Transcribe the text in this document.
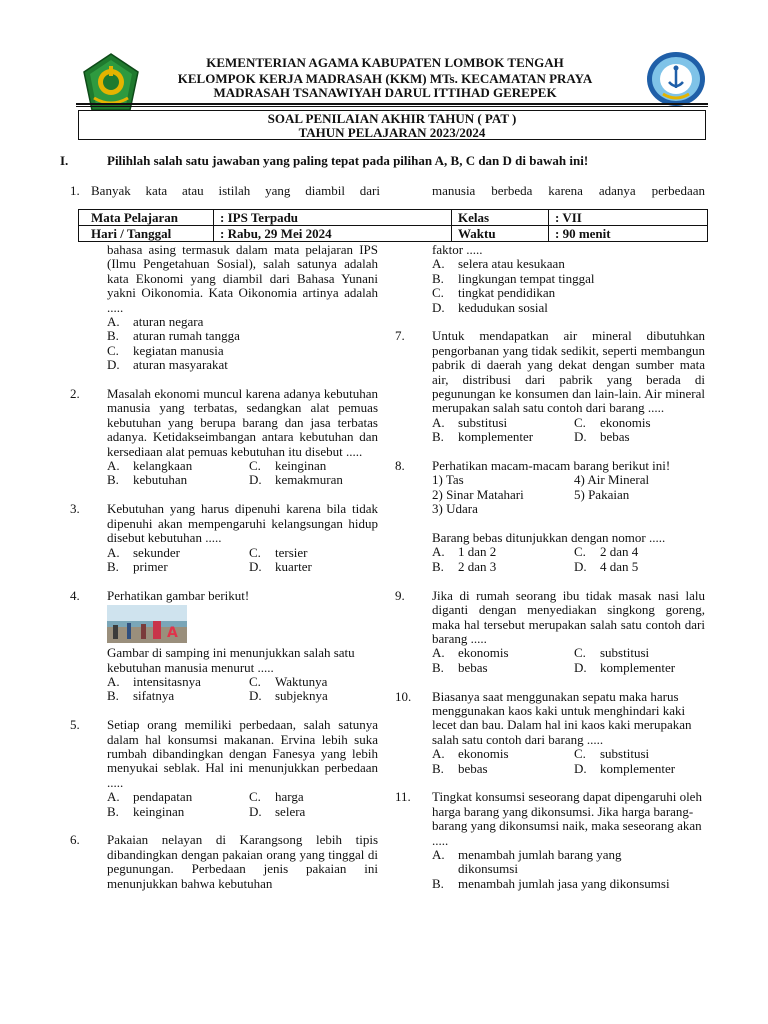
KEMENTERIAN AGAMA KABUPATEN LOMBOK TENGAH
KELOMPOK KERJA MADRASAH (KKM) MTs. KECAMATAN PRAYA
MADRASAH TSANAWIYAH DARUL ITTIHAD GEREPEK
SOAL PENILAIAN AKHIR TAHUN ( PAT )
TAHUN PELAJARAN 2023/2024
I.	Pilihlah salah satu jawaban yang paling tepat pada pilihan A, B, C dan D di bawah ini!
1. Banyak kata atau istilah yang diambil dari	manusia berbeda karena adanya perbedaan
Mata Pelajaran	: IPS Terpadu	Kelas	: VII
Hari / Tanggal	: Rabu, 29 Mei 2024	Waktu	: 90 menit
bahasa asing termasuk dalam mata pelajaran IPS (Ilmu Pengetahuan Sosial), salah satunya adalah kata Ekonomi yang diambil dari Bahasa Yunani yakni Oikonomia. Kata Oikonomia artinya adalah .....
A.	aturan negara
B.	aturan rumah tangga
C.	kegiatan manusia
D.	aturan masyarakat
2. Masalah ekonomi muncul karena adanya kebutuhan manusia yang terbatas, sedangkan alat pemuas kebutuhan yang berupa barang dan jasa terbatas adanya. Ketidakseimbangan antara kebutuhan dan kersediaan alat pemuas kebutuhan itu disebut .....
A.	kelangkaan	C.	keinginan
B.	kebutuhan	D.	kemakmuran
3. Kebutuhan yang harus dipenuhi karena bila tidak dipenuhi akan mempengaruhi kelangsungan hidup disebut kebutuhan .....
A.	sekunder	C.	tersier
B.	primer	D.	kuarter
4. Perhatikan gambar berikut!
A
Gambar di samping ini menunjukkan salah satu kebutuhan manusia menurut .....
A.	intensitasnya	C.	Waktunya
B.	sifatnya	D.	subjeknya
5. Setiap orang memiliki perbedaan, salah satunya dalam hal konsumsi makanan. Ervina lebih suka rumbah dibandingkan dengan Fanesya yang lebih menyukai seblak. Hal ini menunjukkan perbedaan .....
A.	pendapatan	C.	harga
B.	keinginan	D.	selera
6. Pakaian nelayan di Karangsong lebih tipis dibandingkan dengan pakaian orang yang tinggal di pegunungan. Perbedaan jenis pakaian ini menunjukkan bahwa kebutuhan
faktor .....
A.	selera atau kesukaan
B.	lingkungan tempat tinggal
C.	tingkat pendidikan
D.	kedudukan sosial
7. Untuk mendapatkan air mineral dibutuhkan pengorbanan yang tidak sedikit, seperti membangun pabrik di daerah yang dekat dengan sumber mata air, distribusi dari pabrik yang berada di pegunungan ke konsumen dan lain-lain. Air mineral merupakan salah satu contoh dari barang .....
A.	substitusi	C.	ekonomis
B.	komplementer	D.	bebas
8. Perhatikan macam-macam barang berikut ini!
1) Tas	4) Air Mineral
2) Sinar Matahari	5) Pakaian
3) Udara
Barang bebas ditunjukkan dengan nomor .....
A.	1 dan 2	C.	2 dan 4
B.	2 dan 3	D.	4 dan 5
9. Jika di rumah seorang ibu tidak masak nasi lalu diganti dengan menyediakan singkong goreng, maka hal tersebut merupakan salah satu contoh dari barang .....
A.	ekonomis	C.	substitusi
B.	bebas	D.	komplementer
10. Biasanya saat menggunakan sepatu maka harus menggunakan kaos kaki untuk menghindari kaki lecet dan bau. Dalam hal ini kaos kaki merupakan salah satu contoh dari barang .....
A.	ekonomis	C.	substitusi
B.	bebas	D.	komplementer
11. Tingkat konsumsi seseorang dapat dipengaruhi oleh harga barang yang dikonsumsi. Jika harga barang-barang yang dikonsumsi naik, maka seseorang akan .....
A.	menambah jumlah barang yang dikonsumsi
B.	menambah jumlah jasa yang dikonsumsi
